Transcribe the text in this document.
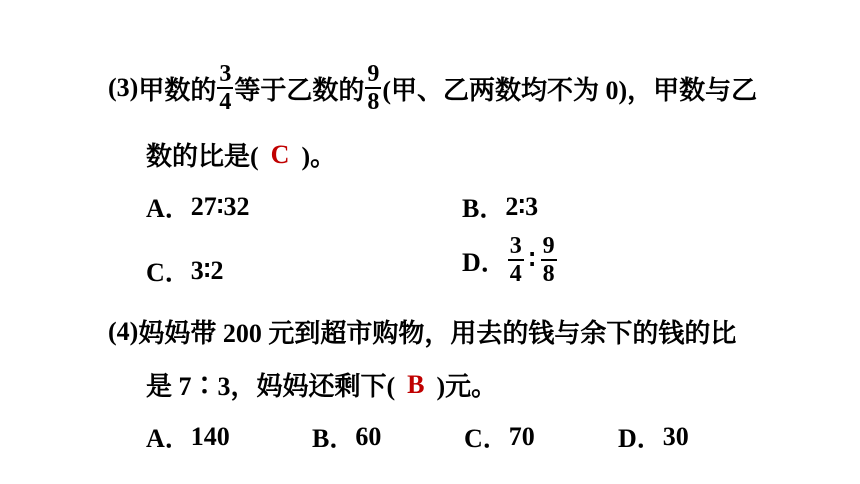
(3) 甲数的 $\frac{3}{4}$ 等于乙数的 $\frac{9}{8}$ (甲、乙两数均不为 0)，甲数与乙
数的比是( C )。
A． 27∶32	B． 2∶3
C． 3∶2	D． $\frac{3}{4}$ ∶ $\frac{9}{8}$
(4) 妈妈带 200 元到超市购物，用去的钱与余下的钱的比
是 7∶3，妈妈还剩下( B )元。
A． 140	B． 60	C． 70	D． 30
